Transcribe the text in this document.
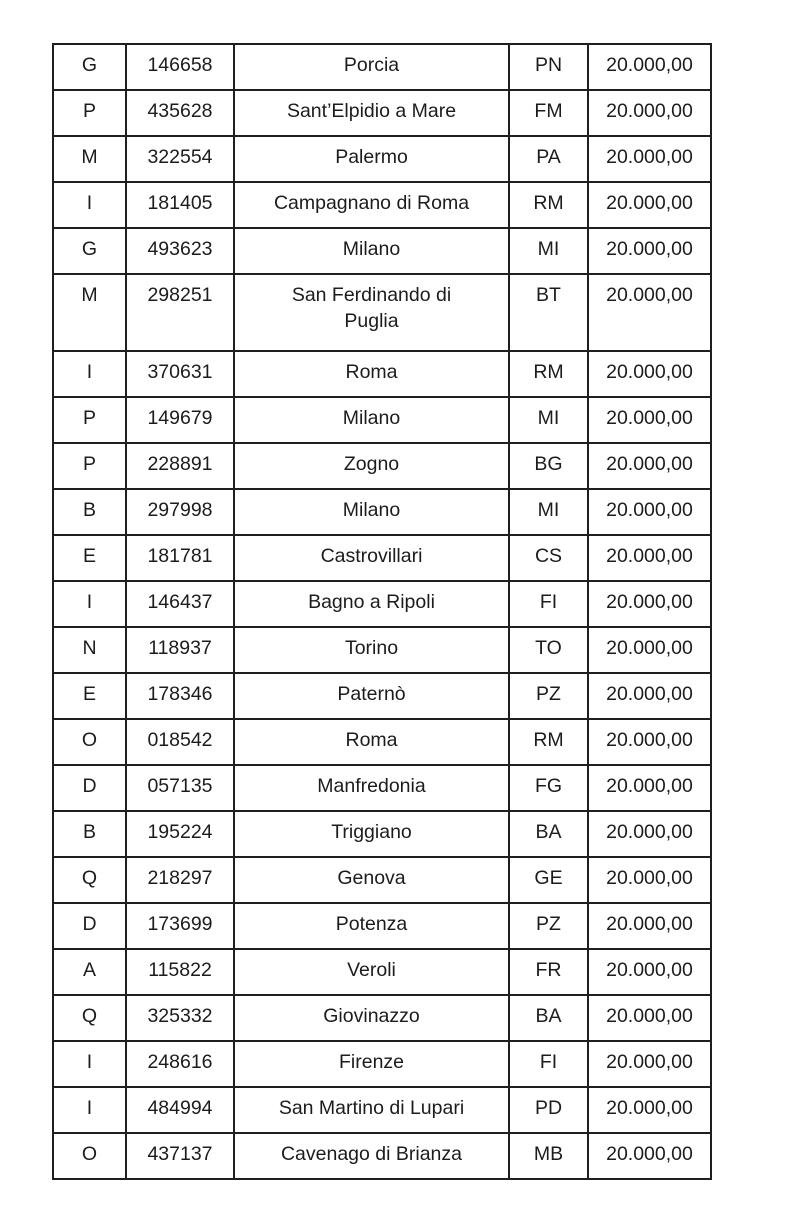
G	146658	Porcia	PN	20.000,00
P	435628	Sant’Elpidio a Mare	FM	20.000,00
M	322554	Palermo	PA	20.000,00
I	181405	Campagnano di Roma	RM	20.000,00
G	493623	Milano	MI	20.000,00
M	298251	San Ferdinando di Puglia	BT	20.000,00
I	370631	Roma	RM	20.000,00
P	149679	Milano	MI	20.000,00
P	228891	Zogno	BG	20.000,00
B	297998	Milano	MI	20.000,00
E	181781	Castrovillari	CS	20.000,00
I	146437	Bagno a Ripoli	FI	20.000,00
N	118937	Torino	TO	20.000,00
E	178346	Paternò	PZ	20.000,00
O	018542	Roma	RM	20.000,00
D	057135	Manfredonia	FG	20.000,00
B	195224	Triggiano	BA	20.000,00
Q	218297	Genova	GE	20.000,00
D	173699	Potenza	PZ	20.000,00
A	115822	Veroli	FR	20.000,00
Q	325332	Giovinazzo	BA	20.000,00
I	248616	Firenze	FI	20.000,00
I	484994	San Martino di Lupari	PD	20.000,00
O	437137	Cavenago di Brianza	MB	20.000,00
